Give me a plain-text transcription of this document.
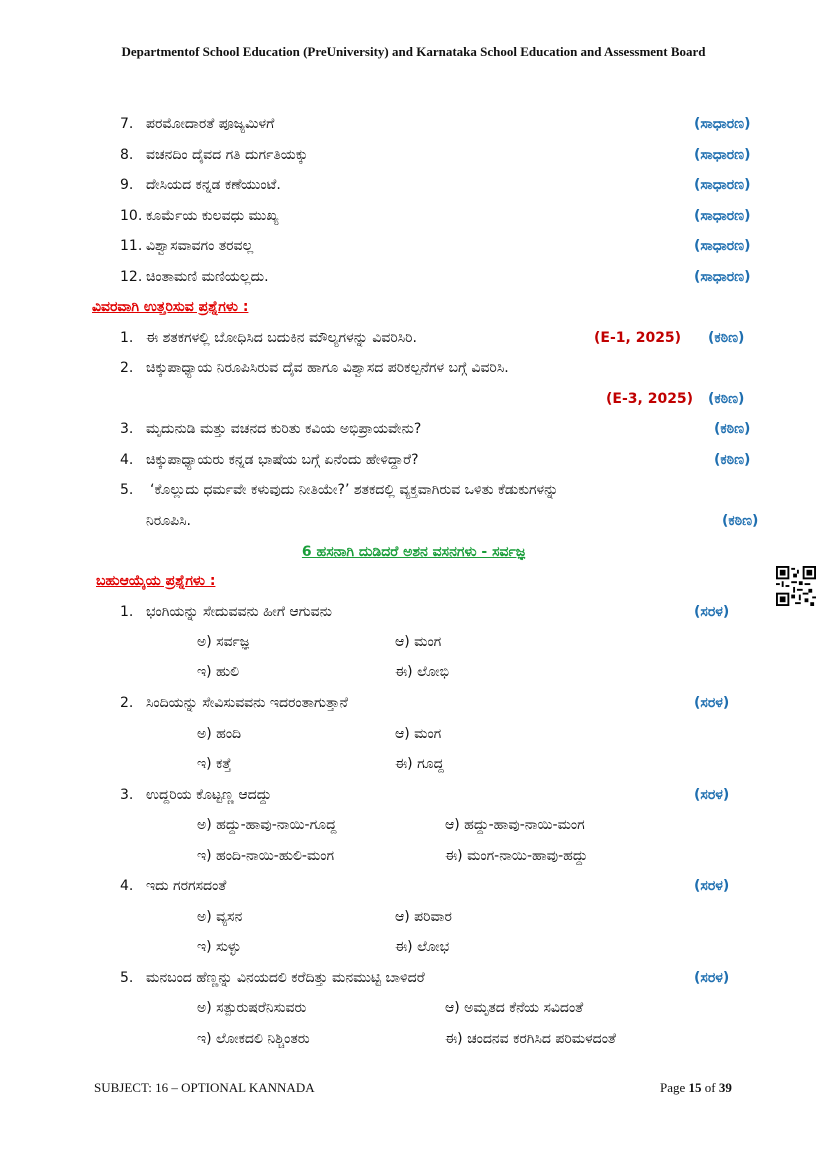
Departmentof School Education (PreUniversity) and Karnataka School Education and Assessment Board
7. ಪರಮೋದಾರತೆ ಪೂಜ್ಯಮಿಳಗೆ	(ಸಾಧಾರಣ)
8. ವಚನದಿಂ ದೈವದ ಗತಿ ದುರ್ಗತಿಯಕ್ಕು	(ಸಾಧಾರಣ)
9. ದೇಸಿಯದ ಕನ್ನಡ ಕಣೆಯುಂಟೆ.	(ಸಾಧಾರಣ)
10. ಕೂರ್ಮೆಯ ಕುಲವಧು ಮುಖ್ಯ	(ಸಾಧಾರಣ)
11. ವಿಶ್ವಾಸವಾವಗಂ ತರವಲ್ಲ	(ಸಾಧಾರಣ)
12. ಚಿಂತಾಮಣಿ ಮಣಿಯಲ್ಲದು.	(ಸಾಧಾರಣ)
ವಿವರವಾಗಿ ಉತ್ತರಿಸುವ ಪ್ರಶ್ನೆಗಳು :
1. ಈ ಶತಕಗಳಲ್ಲಿ ಬೋಧಿಸಿದ ಬದುಕಿನ ಮೌಲ್ಯಗಳನ್ನು ವಿವರಿಸಿರಿ.	(E-1, 2025) (ಕಠಿಣ)
2. ಚಿಕ್ಕುಪಾಧ್ಯಾಯ ನಿರೂಪಿಸಿರುವ ದೈವ ಹಾಗೂ ವಿಶ್ವಾಸದ ಪರಿಕಲ್ಪನೆಗಳ ಬಗ್ಗೆ ವಿವರಿಸಿ.
(E-3, 2025) (ಕಠಿಣ)
3. ಮೃದುನುಡಿ ಮತ್ತು ವಚನದ ಕುರಿತು ಕವಿಯ ಅಭಿಪ್ರಾಯವೇನು?	(ಕಠಿಣ)
4. ಚಿಕ್ಕುಪಾಧ್ಯಾಯರು ಕನ್ನಡ ಭಾಷೆಯ ಬಗ್ಗೆ ಏನೆಂದು ಹೇಳಿದ್ದಾರೆ?	(ಕಠಿಣ)
5. ‘ಕೊಲ್ಲುದು ಧರ್ಮವೇ ಕಳುವುದು ನೀತಿಯೇ?’ ಶತಕದಲ್ಲಿ ವ್ಯಕ್ತವಾಗಿರುವ ಒಳಿತು ಕೆಡುಕುಗಳನ್ನು
ನಿರೂಪಿಸಿ.	(ಕಠಿಣ)
6 ಹಸನಾಗಿ ದುಡಿದರೆ ಅಶನ ವಸನಗಳು - ಸರ್ವಜ್ಞ
ಬಹುಆಯ್ಕೆಯ ಪ್ರಶ್ನೆಗಳು :
1. ಭಂಗಿಯನ್ನು ಸೇದುವವನು ಹೀಗೆ ಆಗುವನು	(ಸರಳ)
ಅ) ಸರ್ವಜ್ಞ	ಆ) ಮಂಗ
ಇ) ಹುಲಿ	ಈ) ಲೋಭಿ
2. ಸಿಂದಿಯನ್ನು ಸೇವಿಸುವವನು ಇದರಂತಾಗುತ್ತಾನೆ	(ಸರಳ)
ಅ) ಹಂದಿ	ಆ) ಮಂಗ
ಇ) ಕತ್ತೆ	ಈ) ಗೂದ್ದ
3. ಉದ್ದರಿಯ ಕೊಟ್ಟಣ್ಣ ಆದದ್ದು	(ಸರಳ)
ಅ) ಹದ್ದು-ಹಾವು-ನಾಯಿ-ಗೂದ್ದ	ಆ) ಹದ್ದು-ಹಾವು-ನಾಯಿ-ಮಂಗ
ಇ) ಹಂದಿ-ನಾಯಿ-ಹುಲಿ-ಮಂಗ	ಈ) ಮಂಗ-ನಾಯಿ-ಹಾವು-ಹದ್ದು
4. ಇದು ಗರಗಸದಂತೆ	(ಸರಳ)
ಅ) ವ್ಯಸನ	ಆ) ಪರಿವಾರ
ಇ) ಸುಳ್ಳು	ಈ) ಲೋಭ
5. ಮನಬಂದ ಹೆಣ್ಣನ್ನು ವಿನಯದಲಿ ಕರೆದಿತ್ತು ಮನಮುಟ್ಟಿ ಬಾಳಿದರೆ	(ಸರಳ)
ಅ) ಸತ್ಪುರುಷರೆನಿಸುವರು	ಆ) ಅಮೃತದ ಕೆನೆಯ ಸವಿದಂತೆ
ಇ) ಲೋಕದಲಿ ನಿಶ್ಚಿಂತರು	ಈ) ಚಂದನವ ಕರಗಿಸಿದ ಪರಿಮಳದಂತೆ
SUBJECT: 16 – OPTIONAL KANNADA	Page 15 of 39
